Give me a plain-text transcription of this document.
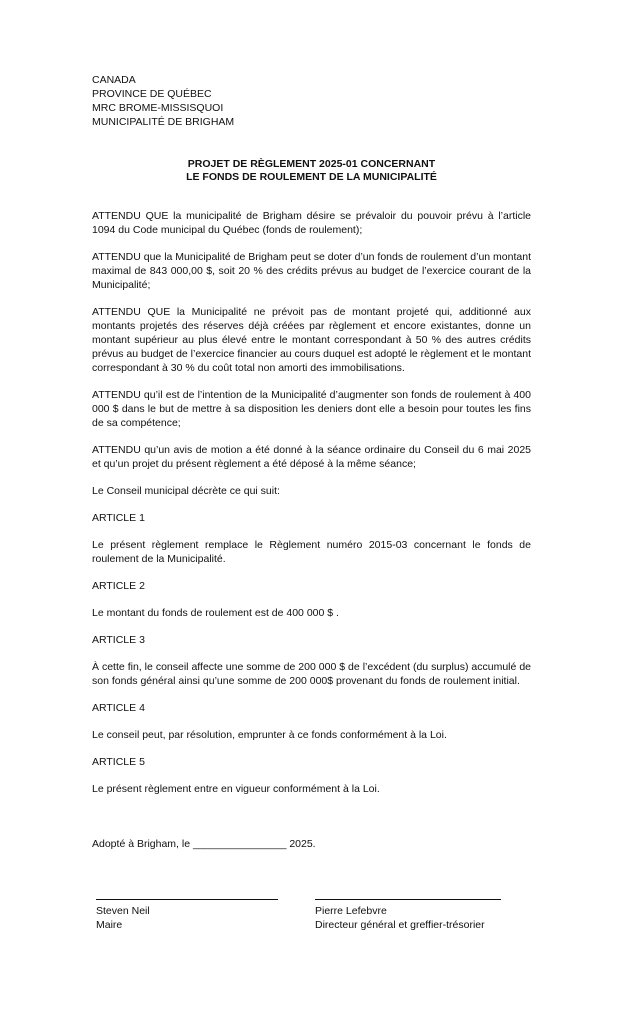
CANADA
PROVINCE DE QUÉBEC
MRC BROME-MISSISQUOI
MUNICIPALITÉ DE BRIGHAM
PROJET DE RÈGLEMENT 2025-01 CONCERNANT
LE FONDS DE ROULEMENT DE LA MUNICIPALITÉ

ATTENDU QUE la municipalité de Brigham désire se prévaloir du pouvoir prévu à l’article 1094 du Code municipal du Québec (fonds de roulement);

ATTENDU que la Municipalité de Brigham peut se doter d’un fonds de roulement d’un montant maximal de 843 000,00 $, soit 20 % des crédits prévus au budget de l’exercice courant de la Municipalité;

ATTENDU QUE la Municipalité ne prévoit pas de montant projeté qui, additionné aux montants projetés des réserves déjà créées par règlement et encore existantes, donne un montant supérieur au plus élevé entre le montant correspondant à 50 % des autres crédits prévus au budget de l’exercice financier au cours duquel est adopté le règlement et le montant correspondant à 30 % du coût total non amorti des immobilisations.

ATTENDU qu’il est de l’intention de la Municipalité d’augmenter son fonds de roulement à 400 000 $ dans le but de mettre à sa disposition les deniers dont elle a besoin pour toutes les fins de sa compétence;

ATTENDU qu’un avis de motion a été donné à la séance ordinaire du Conseil du 6 mai 2025 et qu’un projet du présent règlement a été déposé à la même séance;

Le Conseil municipal décrète ce qui suit:

ARTICLE 1

Le présent règlement remplace le Règlement numéro 2015-03 concernant le fonds de roulement de la Municipalité.

ARTICLE 2

Le montant du fonds de roulement est de 400 000 $ .

ARTICLE 3

À cette fin, le conseil affecte une somme de 200 000 $ de l’excédent (du surplus) accumulé de son fonds général ainsi qu’une somme de 200 000$ provenant du fonds de roulement initial.

ARTICLE 4

Le conseil peut, par résolution, emprunter à ce fonds conformément à la Loi.

ARTICLE 5

Le présent règlement entre en vigueur conformément à la Loi.

Adopté à Brigham, le ________________ 2025.
Steven Neil
Maire
Pierre Lefebvre
Directeur général et greffier-trésorier
